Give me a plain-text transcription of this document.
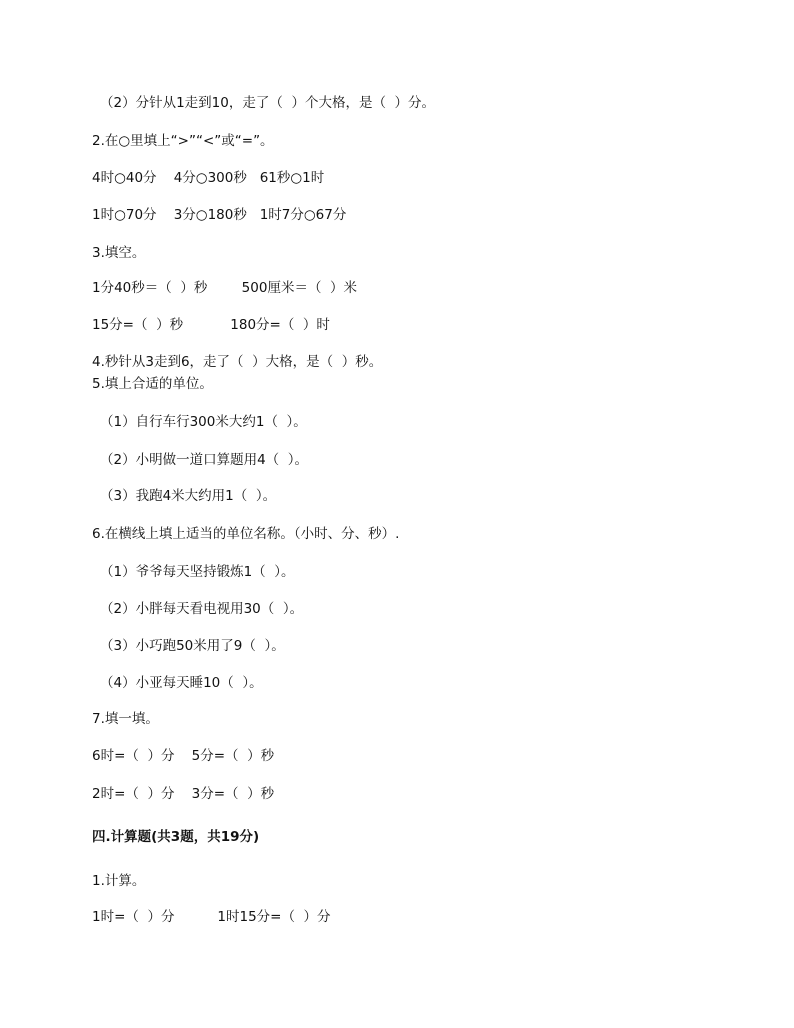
（2）分针从1走到10，走了（  ）个大格，是（  ）分。
2.在○里填上“>”“<”或“=”。
4时○40分    4分○300秒   61秒○1时
1时○70分    3分○180秒   1时7分○67分
3.填空。
1分40秒＝（  ）秒        500厘米＝（  ）米
15分=（  ）秒           180分=（  ）时
4.秒针从3走到6，走了（  ）大格，是（  ）秒。
5.填上合适的单位。
（1）自行车行300米大约1（  ）。
（2）小明做一道口算题用4（  ）。
（3）我跑4米大约用1（  ）。
6.在横线上填上适当的单位名称。（小时、分、秒）.
（1）爷爷每天坚持锻炼1（  ）。
（2）小胖每天看电视用30（  ）。
（3）小巧跑50米用了9（  ）。
（4）小亚每天睡10（  ）。
7.填一填。
6时=（  ）分    5分=（  ）秒
2时=（  ）分    3分=（  ）秒
四.计算题(共3题，共19分)
1.计算。
1时=（  ）分          1时15分=（  ）分
